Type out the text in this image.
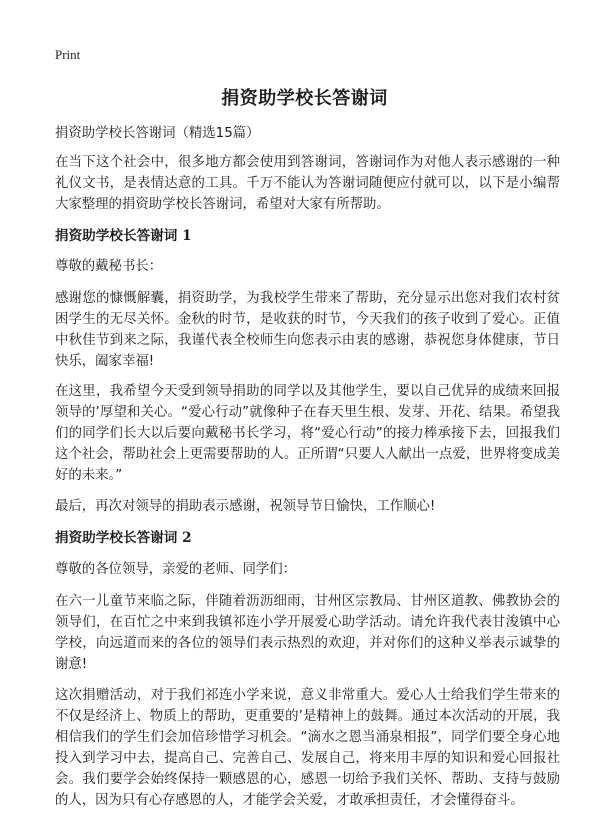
Print
捐资助学校长答谢词

捐资助学校长答谢词（精选15篇）

在当下这个社会中，很多地方都会使用到答谢词，答谢词作为对他人表示感谢的一种礼仪文书，是表情达意的工具。千万不能认为答谢词随便应付就可以，以下是小编帮大家整理的捐资助学校长答谢词，希望对大家有所帮助。

捐资助学校长答谢词 1

尊敬的戴秘书长：

感谢您的慷慨解囊，捐资助学，为我校学生带来了帮助，充分显示出您对我们农村贫困学生的无尽关怀。金秋的时节，是收获的时节，今天我们的孩子收到了爱心。正值中秋佳节到来之际，我谨代表全校师生向您表示由衷的感谢，恭祝您身体健康，节日快乐，阖家幸福!

在这里，我希望今天受到领导捐助的同学以及其他学生，要以自己优异的成绩来回报领导的’厚望和关心。“爱心行动”就像种子在春天里生根、发芽、开花、结果。希望我们的同学们长大以后要向戴秘书长学习，将“爱心行动”的接力棒承接下去，回报我们这个社会，帮助社会上更需要帮助的人。正所谓“只要人人献出一点爱，世界将变成美好的未来。”

最后，再次对领导的捐助表示感谢，祝领导节日愉快，工作顺心!

捐资助学校长答谢词 2

尊敬的各位领导，亲爱的老师、同学们：

在六一儿童节来临之际，伴随着沥沥细雨，甘州区宗教局、甘州区道教、佛教协会的领导们，在百忙之中来到我镇祁连小学开展爱心助学活动。请允许我代表甘浚镇中心学校，向远道而来的各位的领导们表示热烈的欢迎，并对你们的这种义举表示诚挚的谢意!

这次捐赠活动，对于我们祁连小学来说，意义非常重大。爱心人士给我们学生带来的不仅是经济上、物质上的帮助，更重要的’是精神上的鼓舞。通过本次活动的开展，我相信我们的学生们会加倍珍惜学习机会。“滴水之恩当涌泉相报”，同学们要全身心地投入到学习中去，提高自己、完善自己、发展自己，将来用丰厚的知识和爱心回报社会。我们要学会始终保持一颗感恩的心，感恩一切给予我们关怀、帮助、支持与鼓励的人，因为只有心存感恩的人，才能学会关爱，才敢承担责任，才会懂得奋斗。
